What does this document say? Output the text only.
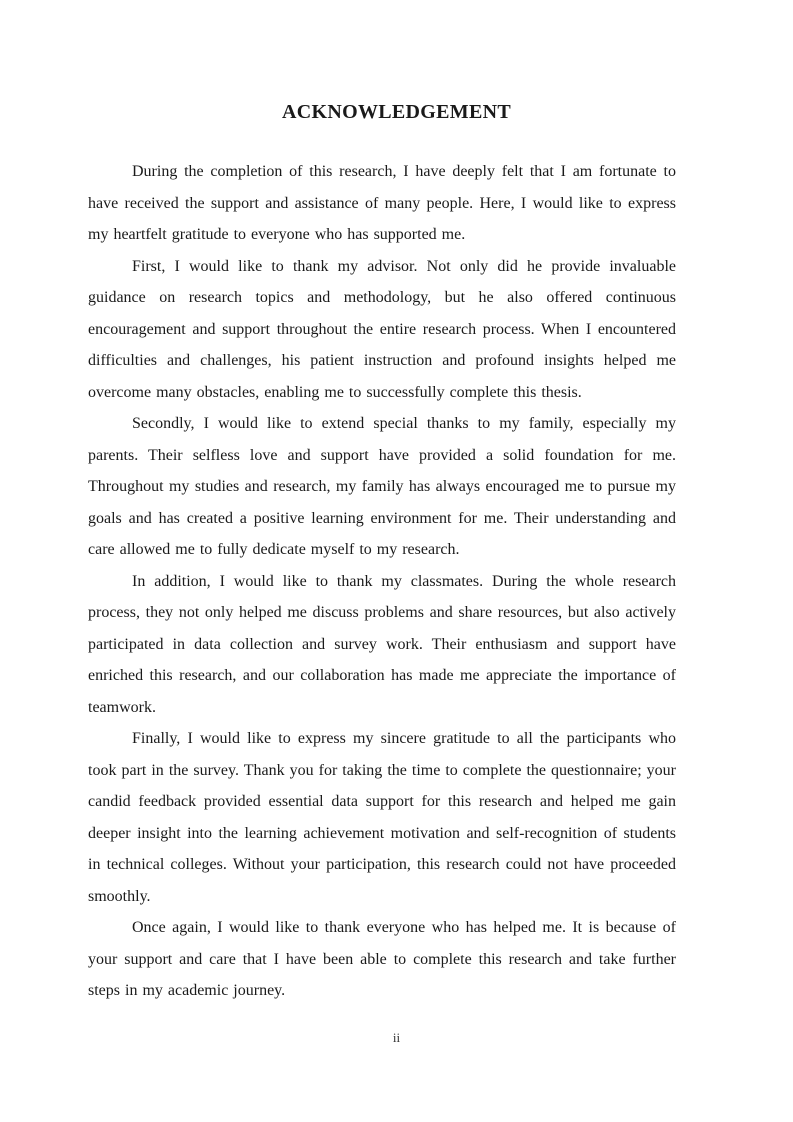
ACKNOWLEDGEMENT

During the completion of this research, I have deeply felt that I am fortunate to have received the support and assistance of many people. Here, I would like to express my heartfelt gratitude to everyone who has supported me.

First, I would like to thank my advisor. Not only did he provide invaluable guidance on research topics and methodology, but he also offered continuous encouragement and support throughout the entire research process. When I encountered difficulties and challenges, his patient instruction and profound insights helped me overcome many obstacles, enabling me to successfully complete this thesis.

Secondly, I would like to extend special thanks to my family, especially my parents. Their selfless love and support have provided a solid foundation for me. Throughout my studies and research, my family has always encouraged me to pursue my goals and has created a positive learning environment for me. Their understanding and care allowed me to fully dedicate myself to my research.

In addition, I would like to thank my classmates. During the whole research process, they not only helped me discuss problems and share resources, but also actively participated in data collection and survey work. Their enthusiasm and support have enriched this research, and our collaboration has made me appreciate the importance of teamwork.

Finally, I would like to express my sincere gratitude to all the participants who took part in the survey. Thank you for taking the time to complete the questionnaire; your candid feedback provided essential data support for this research and helped me gain deeper insight into the learning achievement motivation and self-recognition of students in technical colleges. Without your participation, this research could not have proceeded smoothly.

Once again, I would like to thank everyone who has helped me. It is because of your support and care that I have been able to complete this research and take further steps in my academic journey.

ii
